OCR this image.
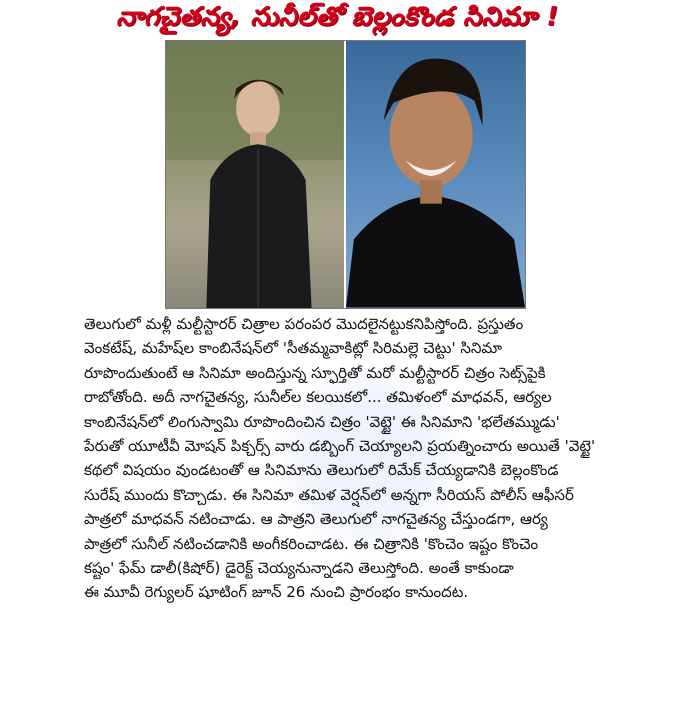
నాగచైతన్య, సునీల్‌తో బెల్లంకొండ సినిమా !
తెలుగులో మళ్లీ మల్టీస్టారర్ చిత్రాల పరంపర మొదలైనట్టుకనిపిస్తోంది. ప్రస్తుతం
వెంకటేష్, మహేష్‌ల కాంబినేషన్‌లో 'సీతమ్మవాకిట్లో సిరిమల్లె చెట్టు' సినిమా
రూపొందుతుంటే ఆ సినిమా అందిస్తున్న స్ఫూర్తితో మరో మల్టీస్టారర్ చిత్రం సెట్స్‌పైకి
రాబోతోంది. అదీ నాగచైతన్య, సునీల్‌ల కలయికలో... తమిళంలో మాధవన్, ఆర్యల
కాంబినేషన్‌లో లింగుస్వామి రూపొందించిన చిత్రం 'వెట్టై' ఈ సినిమాని 'భలేతమ్ముడు'
పేరుతో యూటీవీ మోషన్ పిక్చర్స్ వారు డబ్బింగ్ చెయ్యాలని ప్రయత్నించారు అయితే 'వెట్టై'
కథలో విషయం వుండటంతో ఆ సినిమాను తెలుగులో రిమేక్ చేయ్యడానికి బెల్లంకొండ
సురేష్ ముందు కొచ్చాడు. ఈ సినిమా తమిళ వెర్షన్‌లో అన్నగా సీరియస్ పోలీస్ ఆఫీసర్
పాత్రలో మాధవన్ నటించాడు. ఆ పాత్రని తెలుగులో నాగచైతన్య చేస్తుండగా, ఆర్య
పాత్రలో సునీల్ నటించడానికి అంగీకరించాడట. ఈ చిత్రానికి 'కొంచెం ఇష్టం కొంచెం
కష్టం' ఫేమ్ డాలీ(కిషోర్) డైరెక్ట్ చెయ్యనున్నాడని తెలుస్తోంది. అంతే కాకుండా
ఈ మూవీ రెగ్యులర్ షూటింగ్ జూన్ 26 నుంచి ప్రారంభం కానుందట.
